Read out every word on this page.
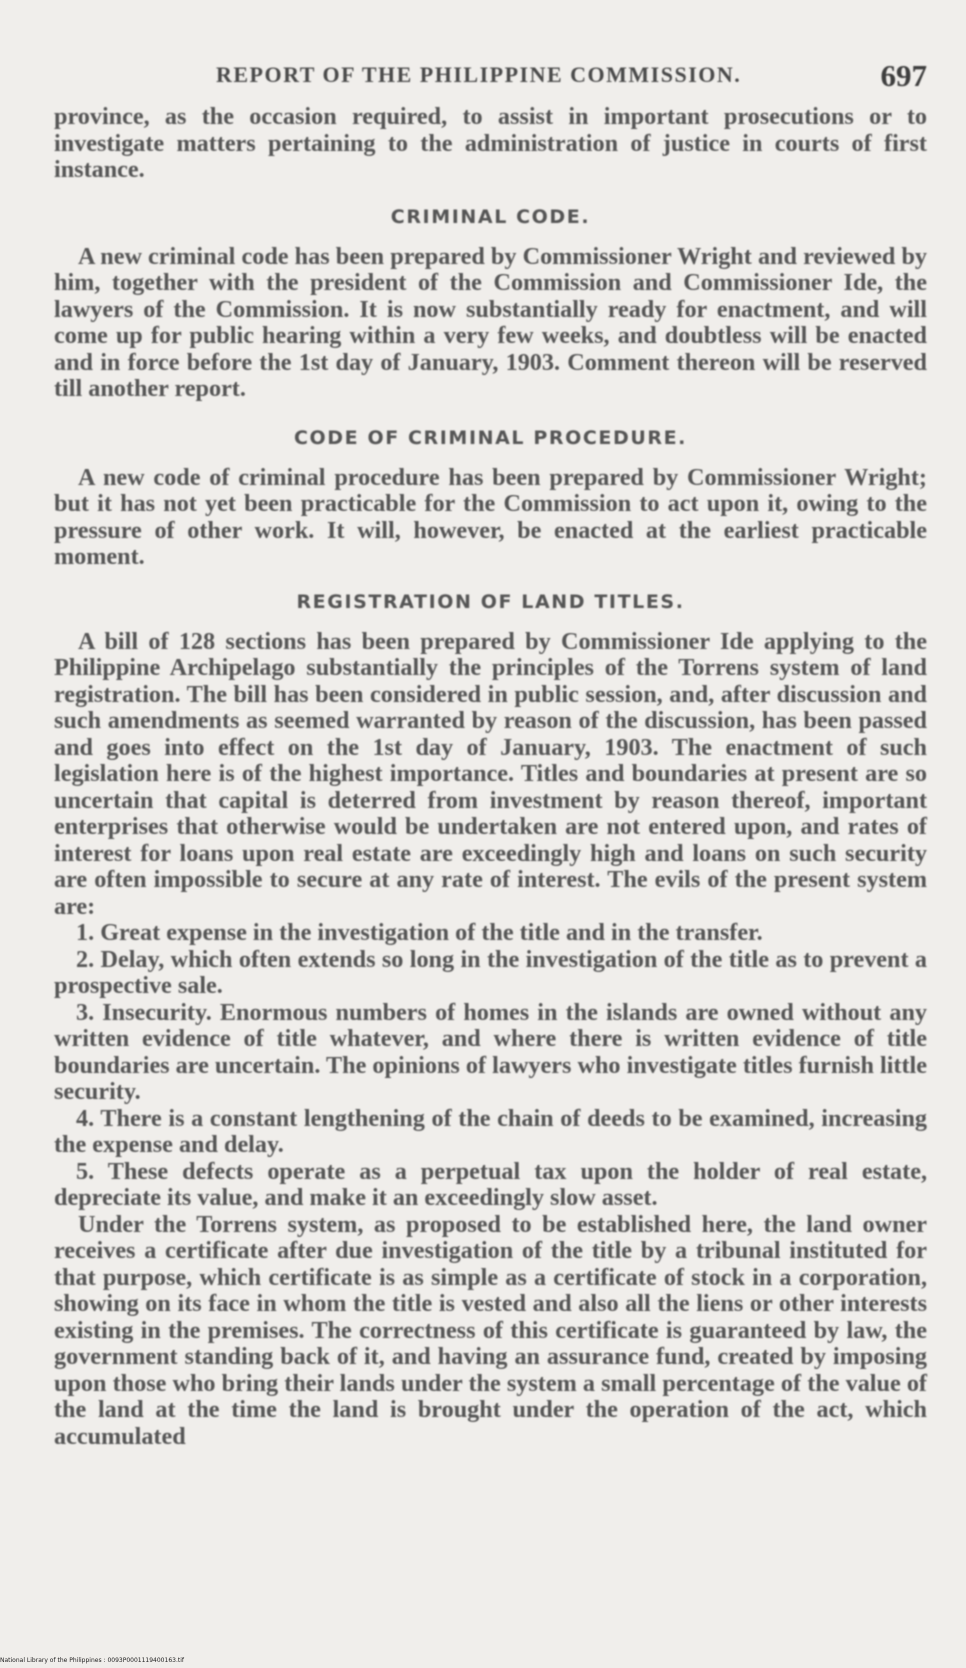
REPORT OF THE PHILIPPINE COMMISSION.	697

province, as the occasion required, to assist in important prosecutions or to investigate matters pertaining to the administration of justice in courts of first instance.

CRIMINAL CODE.

A new criminal code has been prepared by Commissioner Wright and reviewed by him, together with the president of the Commission and Commissioner Ide, the lawyers of the Commission. It is now substantially ready for enactment, and will come up for public hearing within a very few weeks, and doubtless will be enacted and in force before the 1st day of January, 1903. Comment thereon will be reserved till another report.

CODE OF CRIMINAL PROCEDURE.

A new code of criminal procedure has been prepared by Commissioner Wright; but it has not yet been practicable for the Commission to act upon it, owing to the pressure of other work. It will, however, be enacted at the earliest practicable moment.

REGISTRATION OF LAND TITLES.

A bill of 128 sections has been prepared by Commissioner Ide applying to the Philippine Archipelago substantially the principles of the Torrens system of land registration. The bill has been considered in public session, and, after discussion and such amendments as seemed warranted by reason of the discussion, has been passed and goes into effect on the 1st day of January, 1903. The enactment of such legislation here is of the highest importance. Titles and boundaries at present are so uncertain that capital is deterred from investment by reason thereof, important enterprises that otherwise would be undertaken are not entered upon, and rates of interest for loans upon real estate are exceedingly high and loans on such security are often impossible to secure at any rate of interest. The evils of the present system are:

1. Great expense in the investigation of the title and in the transfer.

2. Delay, which often extends so long in the investigation of the title as to prevent a prospective sale.

3. Insecurity. Enormous numbers of homes in the islands are owned without any written evidence of title whatever, and where there is written evidence of title boundaries are uncertain. The opinions of lawyers who investigate titles furnish little security.

4. There is a constant lengthening of the chain of deeds to be examined, increasing the expense and delay.

5. These defects operate as a perpetual tax upon the holder of real estate, depreciate its value, and make it an exceedingly slow asset.

Under the Torrens system, as proposed to be established here, the land owner receives a certificate after due investigation of the title by a tribunal instituted for that purpose, which certificate is as simple as a certificate of stock in a corporation, showing on its face in whom the title is vested and also all the liens or other interests existing in the premises. The correctness of this certificate is guaranteed by law, the government standing back of it, and having an assurance fund, created by imposing upon those who bring their lands under the system a small percentage of the value of the land at the time the land is brought under the operation of the act, which accumulated

National Library of the Philippines : 0093P0001119400163.tif
